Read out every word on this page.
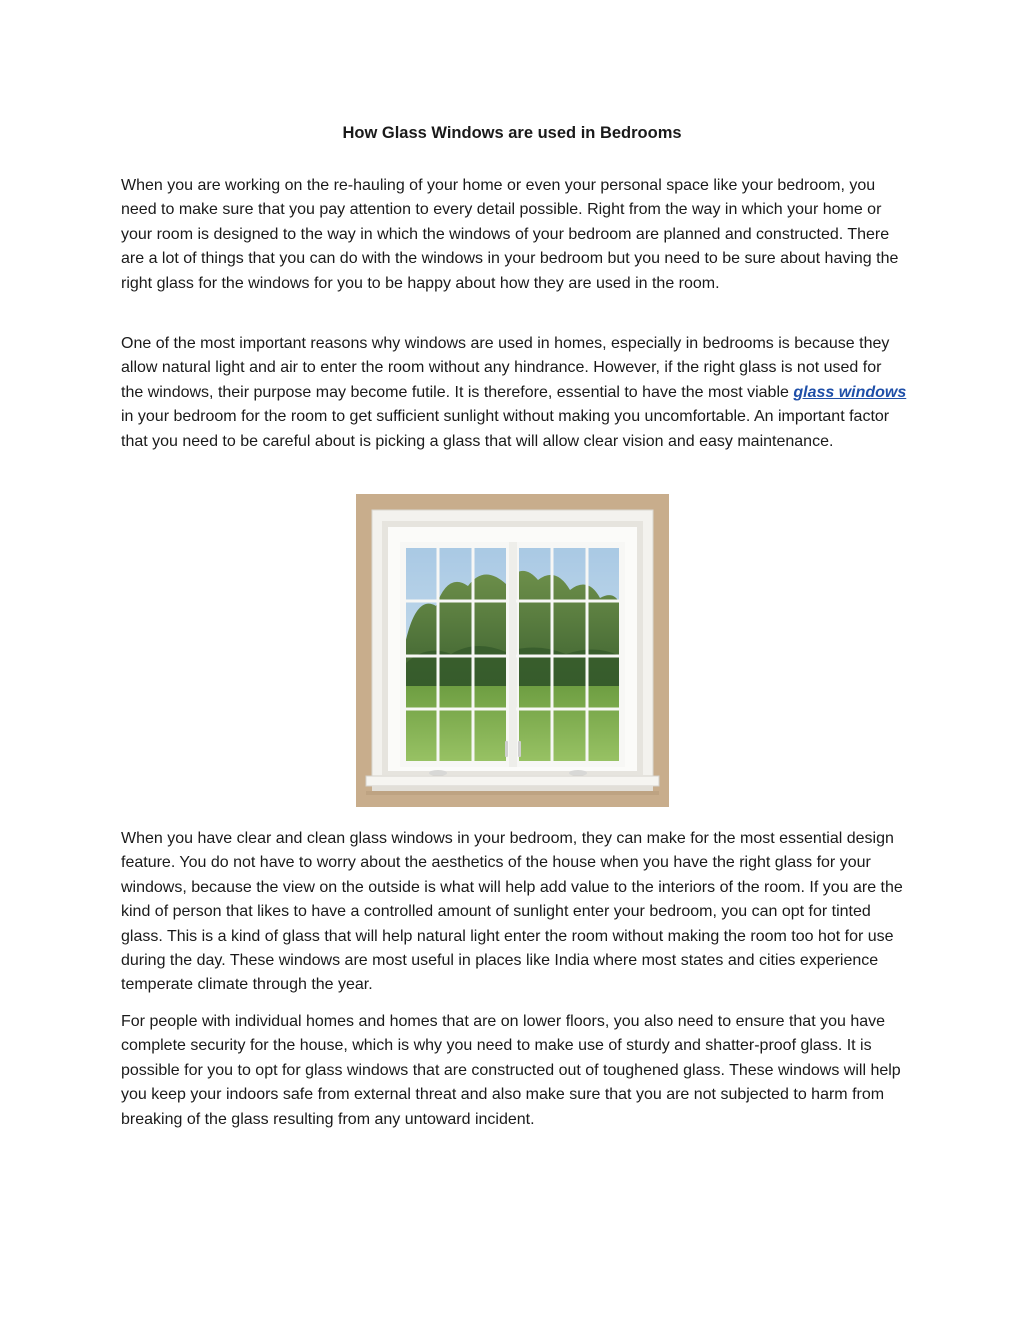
How Glass Windows are used in Bedrooms

When you are working on the re-hauling of your home or even your personal space like your bedroom, you need to make sure that you pay attention to every detail possible. Right from the way in which your home or your room is designed to the way in which the windows of your bedroom are planned and constructed. There are a lot of things that you can do with the windows in your bedroom but you need to be sure about having the right glass for the windows for you to be happy about how they are used in the room.

One of the most important reasons why windows are used in homes, especially in bedrooms is because they allow natural light and air to enter the room without any hindrance. However, if the right glass is not used for the windows, their purpose may become futile. It is therefore, essential to have the most viable glass windows in your bedroom for the room to get sufficient sunlight without making you uncomfortable. An important factor that you need to be careful about is picking a glass that will allow clear vision and easy maintenance.

When you have clear and clean glass windows in your bedroom, they can make for the most essential design feature. You do not have to worry about the aesthetics of the house when you have the right glass for your windows, because the view on the outside is what will help add value to the interiors of the room. If you are the kind of person that likes to have a controlled amount of sunlight enter your bedroom, you can opt for tinted glass. This is a kind of glass that will help natural light enter the room without making the room too hot for use during the day. These windows are most useful in places like India where most states and cities experience temperate climate through the year.

For people with individual homes and homes that are on lower floors, you also need to ensure that you have complete security for the house, which is why you need to make use of sturdy and shatter-proof glass. It is possible for you to opt for glass windows that are constructed out of toughened glass. These windows will help you keep your indoors safe from external threat and also make sure that you are not subjected to harm from breaking of the glass resulting from any untoward incident.
